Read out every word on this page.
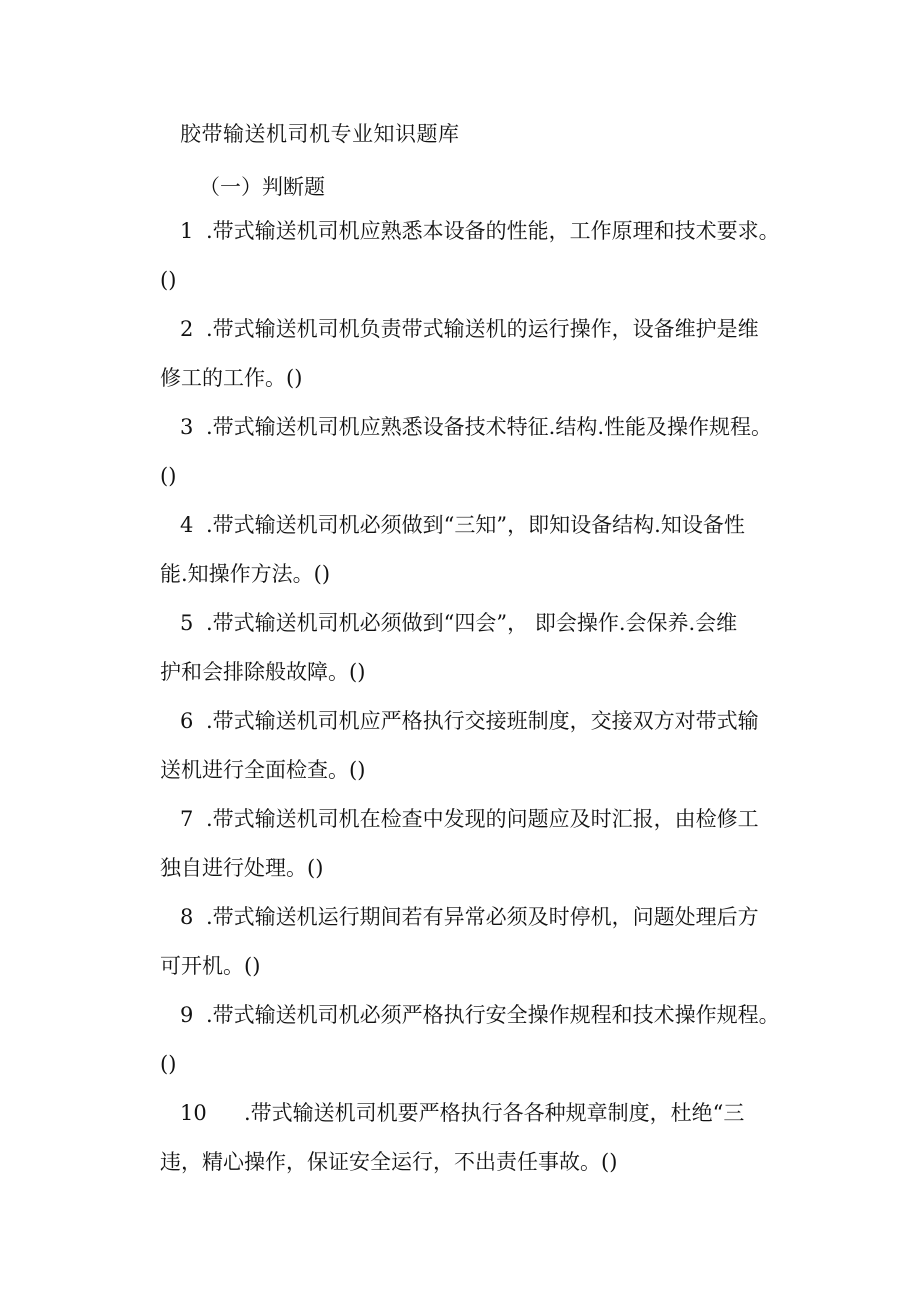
胶带输送机司机专业知识题库
（一）判断题
1 .带式输送机司机应熟悉本设备的性能，工作原理和技术要求。
()
2 .带式输送机司机负责带式输送机的运行操作，设备维护是维
修工的工作。()
3 .带式输送机司机应熟悉设备技术特征.结构.性能及操作规程。
()
4 .带式输送机司机必须做到“三知”，即知设备结构.知设备性
能.知操作方法。()
5 .带式输送机司机必须做到“四会”， 即会操作.会保养.会维
护和会排除般故障。()
6 .带式输送机司机应严格执行交接班制度，交接双方对带式输
送机进行全面检查。()
7 .带式输送机司机在检查中发现的问题应及时汇报，由检修工
独自进行处理。()
8 .带式输送机运行期间若有异常必须及时停机，问题处理后方
可开机。()
9 .带式输送机司机必须严格执行安全操作规程和技术操作规程。
()
10 .带式输送机司机要严格执行各各种规章制度，杜绝“三
违，精心操作，保证安全运行，不出责任事故。()
